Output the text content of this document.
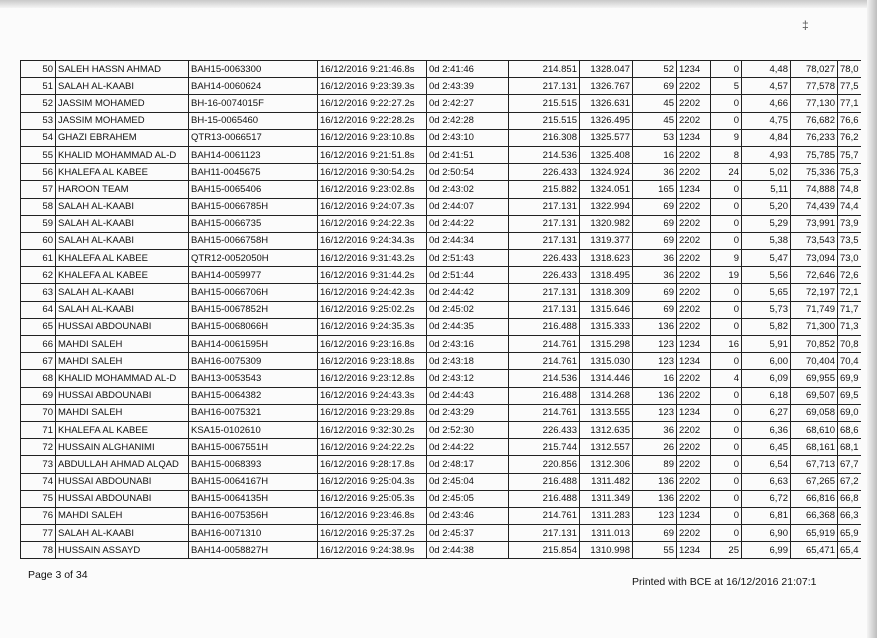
‡
50	SALEH HASSN AHMAD	BAH15-0063300	16/12/2016 9:21:46.8s	0d 2:41:46	214.851	1328.047	52	1234	0	4,48	78,027	78,0
51	SALAH AL-KAABI	BAH14-0060624	16/12/2016 9:23:39.3s	0d 2:43:39	217.131	1326.767	69	2202	5	4,57	77,578	77,5
52	JASSIM MOHAMED	BH-16-0074015F	16/12/2016 9:22:27.2s	0d 2:42:27	215.515	1326.631	45	2202	0	4,66	77,130	77,1
53	JASSIM MOHAMED	BH-15-0065460	16/12/2016 9:22:28.2s	0d 2:42:28	215.515	1326.495	45	2202	0	4,75	76,682	76,6
54	GHAZI EBRAHEM	QTR13-0066517	16/12/2016 9:23:10.8s	0d 2:43:10	216.308	1325.577	53	1234	9	4,84	76,233	76,2
55	KHALID MOHAMMAD AL-D	BAH14-0061123	16/12/2016 9:21:51.8s	0d 2:41:51	214.536	1325.408	16	2202	8	4,93	75,785	75,7
56	KHALEFA AL KABEE	BAH11-0045675	16/12/2016 9:30:54.2s	0d 2:50:54	226.433	1324.924	36	2202	24	5,02	75,336	75,3
57	HAROON TEAM	BAH15-0065406	16/12/2016 9:23:02.8s	0d 2:43:02	215.882	1324.051	165	1234	0	5,11	74,888	74,8
58	SALAH AL-KAABI	BAH15-0066785H	16/12/2016 9:24:07.3s	0d 2:44:07	217.131	1322.994	69	2202	0	5,20	74,439	74,4
59	SALAH AL-KAABI	BAH15-0066735	16/12/2016 9:24:22.3s	0d 2:44:22	217.131	1320.982	69	2202	0	5,29	73,991	73,9
60	SALAH AL-KAABI	BAH15-0066758H	16/12/2016 9:24:34.3s	0d 2:44:34	217.131	1319.377	69	2202	0	5,38	73,543	73,5
61	KHALEFA AL KABEE	QTR12-0052050H	16/12/2016 9:31:43.2s	0d 2:51:43	226.433	1318.623	36	2202	9	5,47	73,094	73,0
62	KHALEFA AL KABEE	BAH14-0059977	16/12/2016 9:31:44.2s	0d 2:51:44	226.433	1318.495	36	2202	19	5,56	72,646	72,6
63	SALAH AL-KAABI	BAH15-0066706H	16/12/2016 9:24:42.3s	0d 2:44:42	217.131	1318.309	69	2202	0	5,65	72,197	72,1
64	SALAH AL-KAABI	BAH15-0067852H	16/12/2016 9:25:02.2s	0d 2:45:02	217.131	1315.646	69	2202	0	5,73	71,749	71,7
65	HUSSAI ABDOUNABI	BAH15-0068066H	16/12/2016 9:24:35.3s	0d 2:44:35	216.488	1315.333	136	2202	0	5,82	71,300	71,3
66	MAHDI SALEH	BAH14-0061595H	16/12/2016 9:23:16.8s	0d 2:43:16	214.761	1315.298	123	1234	16	5,91	70,852	70,8
67	MAHDI SALEH	BAH16-0075309	16/12/2016 9:23:18.8s	0d 2:43:18	214.761	1315.030	123	1234	0	6,00	70,404	70,4
68	KHALID MOHAMMAD AL-D	BAH13-0053543	16/12/2016 9:23:12.8s	0d 2:43:12	214.536	1314.446	16	2202	4	6,09	69,955	69,9
69	HUSSAI ABDOUNABI	BAH15-0064382	16/12/2016 9:24:43.3s	0d 2:44:43	216.488	1314.268	136	2202	0	6,18	69,507	69,5
70	MAHDI SALEH	BAH16-0075321	16/12/2016 9:23:29.8s	0d 2:43:29	214.761	1313.555	123	1234	0	6,27	69,058	69,0
71	KHALEFA AL KABEE	KSA15-0102610	16/12/2016 9:32:30.2s	0d 2:52:30	226.433	1312.635	36	2202	0	6,36	68,610	68,6
72	HUSSAIN ALGHANIMI	BAH15-0067551H	16/12/2016 9:24:22.2s	0d 2:44:22	215.744	1312.557	26	2202	0	6,45	68,161	68,1
73	ABDULLAH AHMAD ALQAD	BAH15-0068393	16/12/2016 9:28:17.8s	0d 2:48:17	220.856	1312.306	89	2202	0	6,54	67,713	67,7
74	HUSSAI ABDOUNABI	BAH15-0064167H	16/12/2016 9:25:04.3s	0d 2:45:04	216.488	1311.482	136	2202	0	6,63	67,265	67,2
75	HUSSAI ABDOUNABI	BAH15-0064135H	16/12/2016 9:25:05.3s	0d 2:45:05	216.488	1311.349	136	2202	0	6,72	66,816	66,8
76	MAHDI SALEH	BAH16-0075356H	16/12/2016 9:23:46.8s	0d 2:43:46	214.761	1311.283	123	1234	0	6,81	66,368	66,3
77	SALAH AL-KAABI	BAH16-0071310	16/12/2016 9:25:37.2s	0d 2:45:37	217.131	1311.013	69	2202	0	6,90	65,919	65,9
78	HUSSAIN ASSAYD	BAH14-0058827H	16/12/2016 9:24:38.9s	0d 2:44:38	215.854	1310.998	55	1234	25	6,99	65,471	65,4
Page 3 of 34
Printed with BCE at 16/12/2016 21:07:1
